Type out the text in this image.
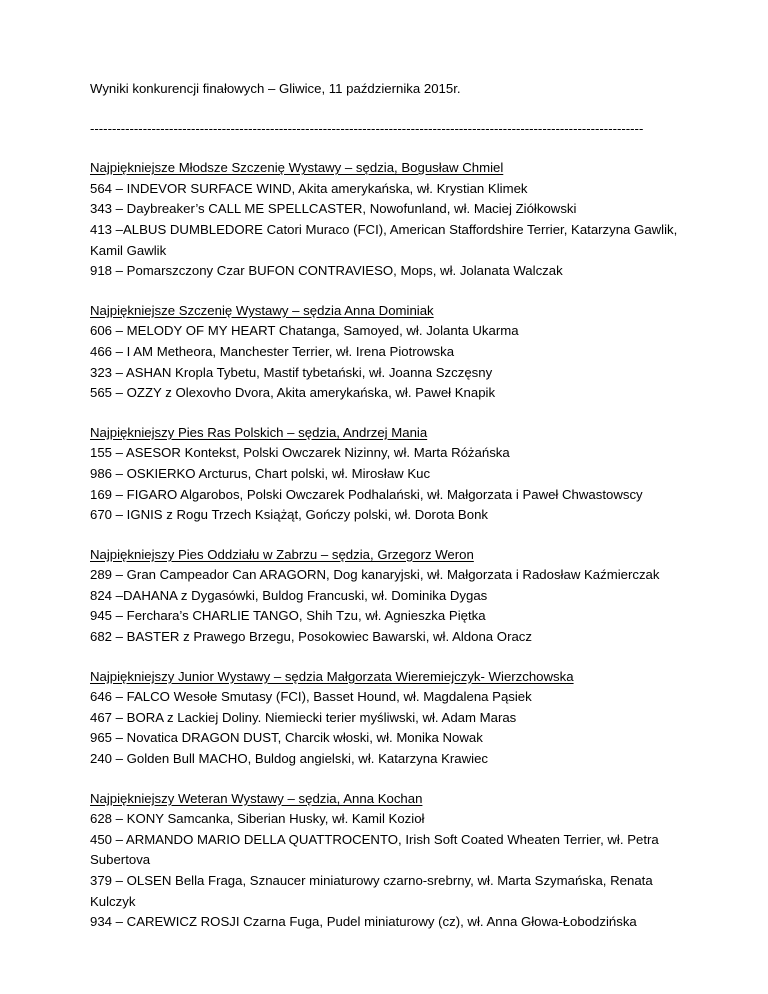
Wyniki konkurencji finałowych – Gliwice, 11 października 2015r.

------------------------------------------------------------------------------------------------------------------------------

Najpiękniejsze Młodsze Szczenię Wystawy – sędzia, Bogusław Chmiel

564 – INDEVOR SURFACE WIND, Akita amerykańska, wł. Krystian Klimek

343 – Daybreaker’s CALL ME SPELLCASTER, Nowofunland, wł. Maciej Ziółkowski

413 –ALBUS DUMBLEDORE Catori Muraco (FCI), American Staffordshire Terrier, Katarzyna Gawlik, Kamil Gawlik

918 – Pomarszczony Czar BUFON CONTRAVIESO, Mops, wł. Jolanata Walczak

Najpiękniejsze Szczenię Wystawy – sędzia Anna Dominiak

606 – MELODY OF MY HEART Chatanga, Samoyed, wł. Jolanta Ukarma

466 – I AM Metheora, Manchester Terrier, wł. Irena Piotrowska

323 – ASHAN Kropla Tybetu, Mastif tybetański, wł. Joanna Szczęsny

565 – OZZY z Olexovho Dvora, Akita amerykańska, wł. Paweł Knapik

Najpiękniejszy Pies Ras Polskich – sędzia, Andrzej Mania

155 – ASESOR Kontekst, Polski Owczarek Nizinny, wł. Marta Różańska

986 – OSKIERKO Arcturus, Chart polski, wł. Mirosław Kuc

169 – FIGARO Algarobos, Polski Owczarek Podhalański, wł. Małgorzata i Paweł Chwastowscy

670 – IGNIS z Rogu Trzech Książąt, Gończy polski, wł. Dorota Bonk

Najpiękniejszy Pies Oddziału w Zabrzu – sędzia, Grzegorz Weron

289 – Gran Campeador Can ARAGORN, Dog kanaryjski, wł. Małgorzata i Radosław Kaźmierczak

824 –DAHANA z Dygasówki, Buldog Francuski, wł. Dominika Dygas

945 – Ferchara’s CHARLIE TANGO, Shih Tzu, wł. Agnieszka Piętka

682 – BASTER z Prawego Brzegu, Posokowiec Bawarski, wł. Aldona Oracz

Najpiękniejszy Junior Wystawy – sędzia Małgorzata Wieremiejczyk- Wierzchowska

646 – FALCO Wesołe Smutasy (FCI), Basset Hound, wł. Magdalena Pąsiek

467 – BORA z Lackiej Doliny. Niemiecki terier myśliwski, wł. Adam Maras

965 – Novatica DRAGON DUST, Charcik włoski, wł. Monika Nowak

240 – Golden Bull MACHO, Buldog angielski, wł. Katarzyna Krawiec

Najpiękniejszy Weteran Wystawy – sędzia, Anna Kochan

628 – KONY Samcanka, Siberian Husky, wł. Kamil Kozioł

450 – ARMANDO MARIO DELLA QUATTROCENTO, Irish Soft Coated Wheaten Terrier, wł. Petra Subertova

379 – OLSEN Bella Fraga, Sznaucer miniaturowy czarno-srebrny, wł. Marta Szymańska, Renata Kulczyk

934 – CAREWICZ ROSJI Czarna Fuga, Pudel miniaturowy (cz), wł. Anna Głowa-Łobodzińska
